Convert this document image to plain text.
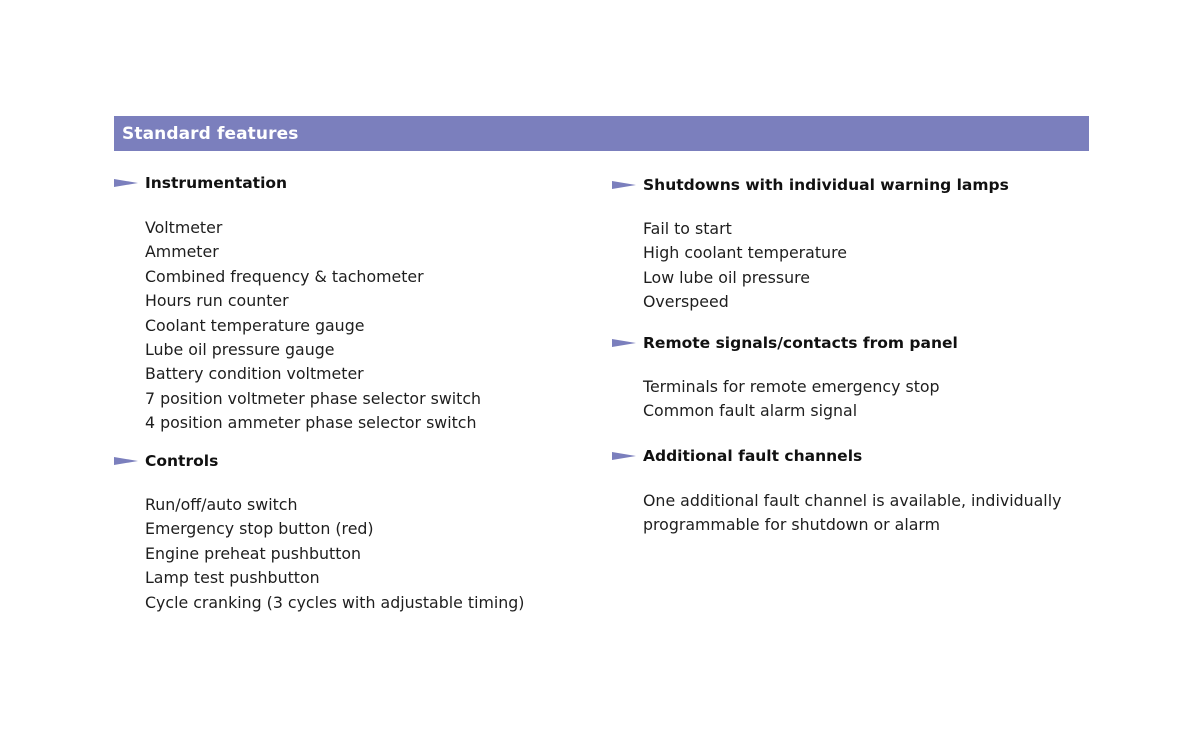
Standard features
Instrumentation
Voltmeter
Ammeter
Combined frequency & tachometer
Hours run counter
Coolant temperature gauge
Lube oil pressure gauge
Battery condition voltmeter
7 position voltmeter phase selector switch
4 position ammeter phase selector switch
Controls
Run/off/auto switch
Emergency stop button (red)
Engine preheat pushbutton
Lamp test pushbutton
Cycle cranking (3 cycles with adjustable timing)
Shutdowns with individual warning lamps
Fail to start
High coolant temperature
Low lube oil pressure
Overspeed
Remote signals/contacts from panel
Terminals for remote emergency stop
Common fault alarm signal
Additional fault channels
One additional fault channel is available, individually programmable for shutdown or alarm
